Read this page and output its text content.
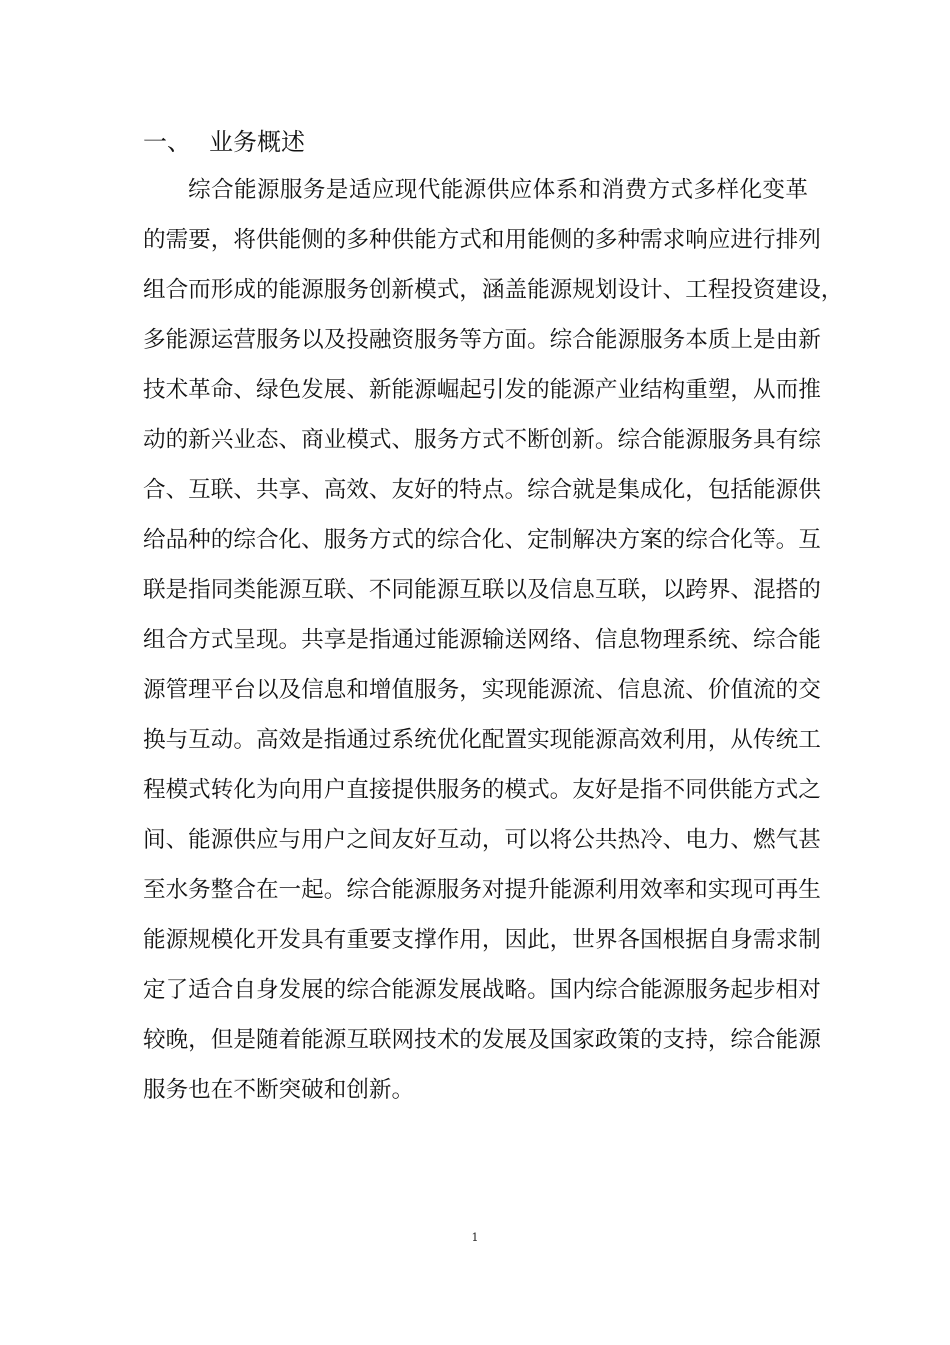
一、 业务概述
综合能源服务是适应现代能源供应体系和消费方式多样化变革
的需要，将供能侧的多种供能方式和用能侧的多种需求响应进行排列
组合而形成的能源服务创新模式，涵盖能源规划设计、工程投资建设，
多能源运营服务以及投融资服务等方面。综合能源服务本质上是由新
技术革命、绿色发展、新能源崛起引发的能源产业结构重塑，从而推
动的新兴业态、商业模式、服务方式不断创新。综合能源服务具有综
合、互联、共享、高效、友好的特点。综合就是集成化，包括能源供
给品种的综合化、服务方式的综合化、定制解决方案的综合化等。互
联是指同类能源互联、不同能源互联以及信息互联，以跨界、混搭的
组合方式呈现。共享是指通过能源输送网络、信息物理系统、综合能
源管理平台以及信息和增值服务，实现能源流、信息流、价值流的交
换与互动。高效是指通过系统优化配置实现能源高效利用，从传统工
程模式转化为向用户直接提供服务的模式。友好是指不同供能方式之
间、能源供应与用户之间友好互动，可以将公共热冷、电力、燃气甚
至水务整合在一起。综合能源服务对提升能源利用效率和实现可再生
能源规模化开发具有重要支撑作用，因此，世界各国根据自身需求制
定了适合自身发展的综合能源发展战略。国内综合能源服务起步相对
较晚，但是随着能源互联网技术的发展及国家政策的支持，综合能源
服务也在不断突破和创新。
1
